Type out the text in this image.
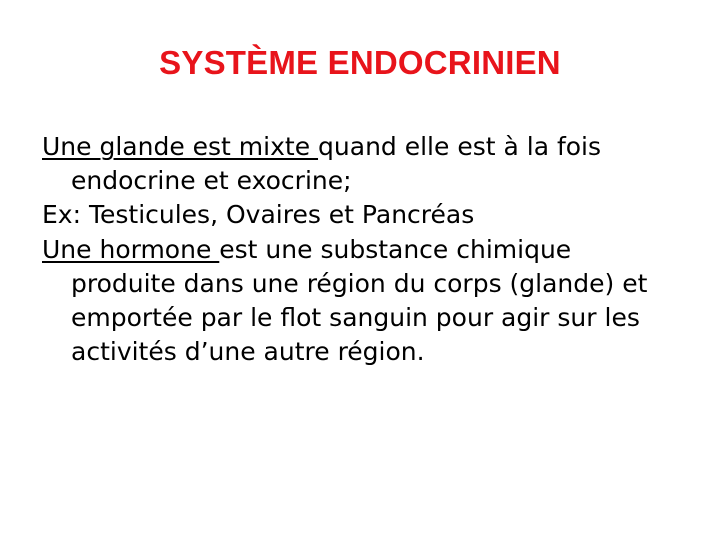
SYSTÈME ENDOCRINIEN

Une glande est mixte quand elle est à la fois endocrine et exocrine;

Ex: Testicules, Ovaires et Pancréas

Une hormone est une substance chimique produite dans une région du corps (glande) et emportée par le flot sanguin pour agir sur les activités d’une autre région.
